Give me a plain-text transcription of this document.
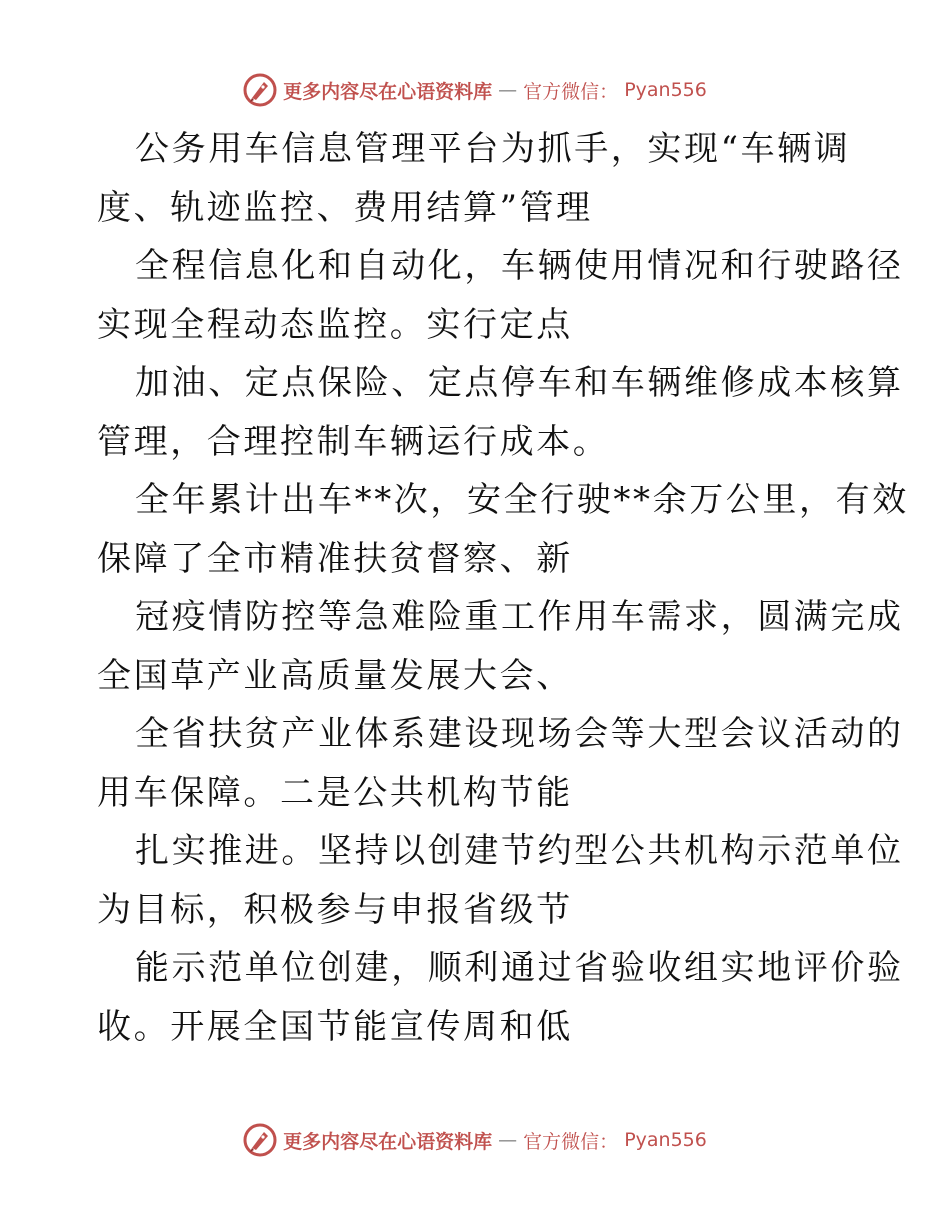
更多内容尽在心语资料库 — 官方微信： Pyan556
公务用车信息管理平台为抓手，实现“车辆调
度、轨迹监控、费用结算”管理
全程信息化和自动化，车辆使用情况和行驶路径
实现全程动态监控。实行定点
加油、定点保险、定点停车和车辆维修成本核算
管理，合理控制车辆运行成本。
全年累计出车**次，安全行驶**余万公里，有效
保障了全市精准扶贫督察、新
冠疫情防控等急难险重工作用车需求，圆满完成
全国草产业高质量发展大会、
全省扶贫产业体系建设现场会等大型会议活动的
用车保障。二是公共机构节能
扎实推进。坚持以创建节约型公共机构示范单位
为目标，积极参与申报省级节
能示范单位创建，顺利通过省验收组实地评价验
收。开展全国节能宣传周和低
更多内容尽在心语资料库 — 官方微信： Pyan556
